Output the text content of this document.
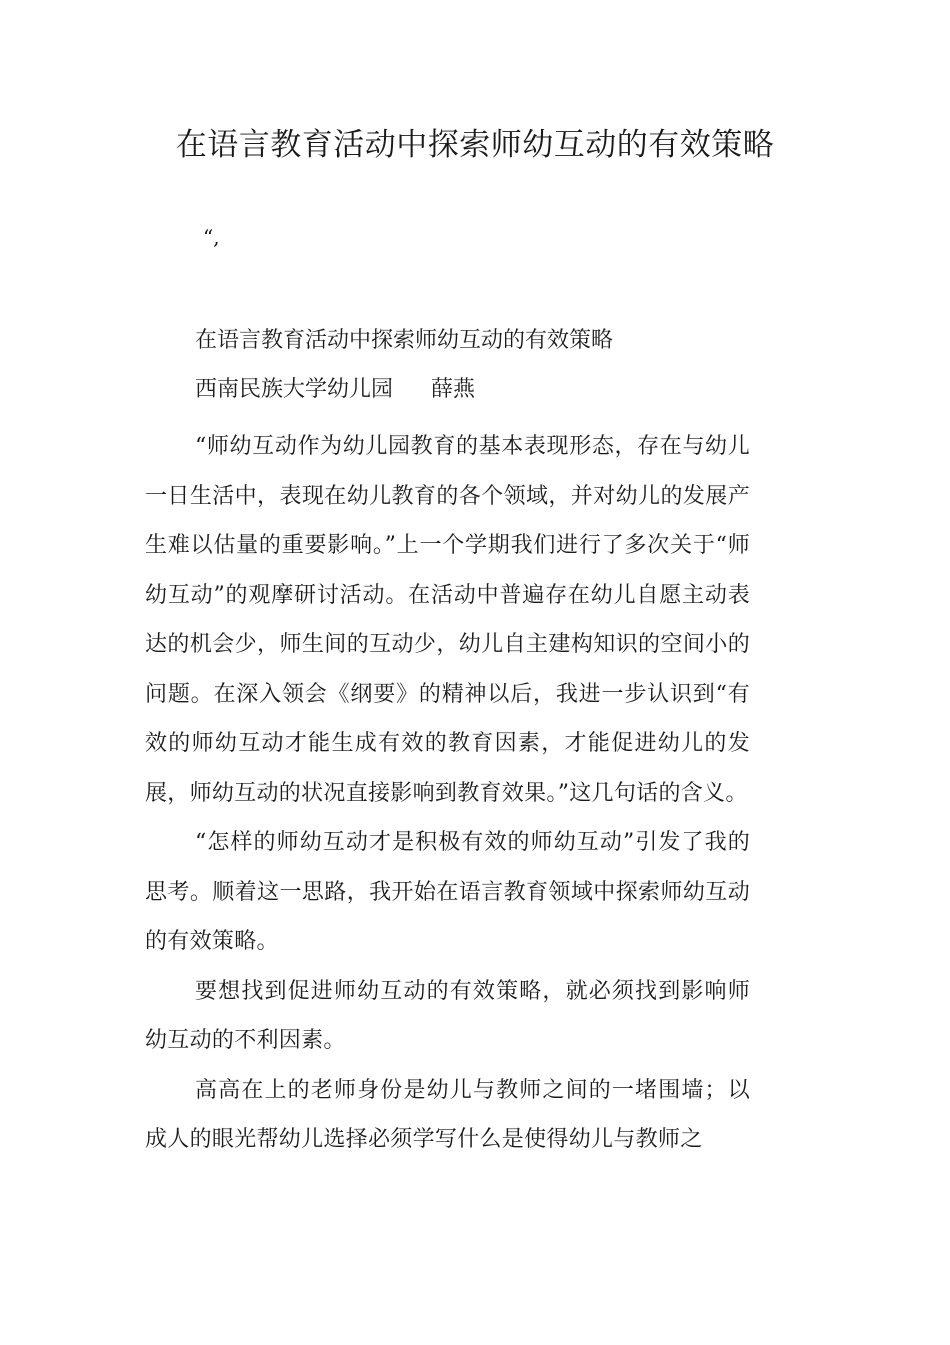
在语言教育活动中探索师幼互动的有效策略
“,
在语言教育活动中探索师幼互动的有效策略
西南民族大学幼儿园 薛燕

“师幼互动作为幼儿园教育的基本表现形态，存在与幼儿一日生活中，表现在幼儿教育的各个领域，并对幼儿的发展产生难以估量的重要影响。”上一个学期我们进行了多次关于“师幼互动”的观摩研讨活动。在活动中普遍存在幼儿自愿主动表达的机会少，师生间的互动少，幼儿自主建构知识的空间小的问题。在深入领会《纲要》的精神以后，我进一步认识到“有效的师幼互动才能生成有效的教育因素，才能促进幼儿的发展，师幼互动的状况直接影响到教育效果。”这几句话的含义。

“怎样的师幼互动才是积极有效的师幼互动”引发了我的思考。顺着这一思路，我开始在语言教育领域中探索师幼互动的有效策略。

要想找到促进师幼互动的有效策略，就必须找到影响师幼互动的不利因素。

高高在上的老师身份是幼儿与教师之间的一堵围墙；以成人的眼光帮幼儿选择必须学写什么是使得幼儿与教师之
